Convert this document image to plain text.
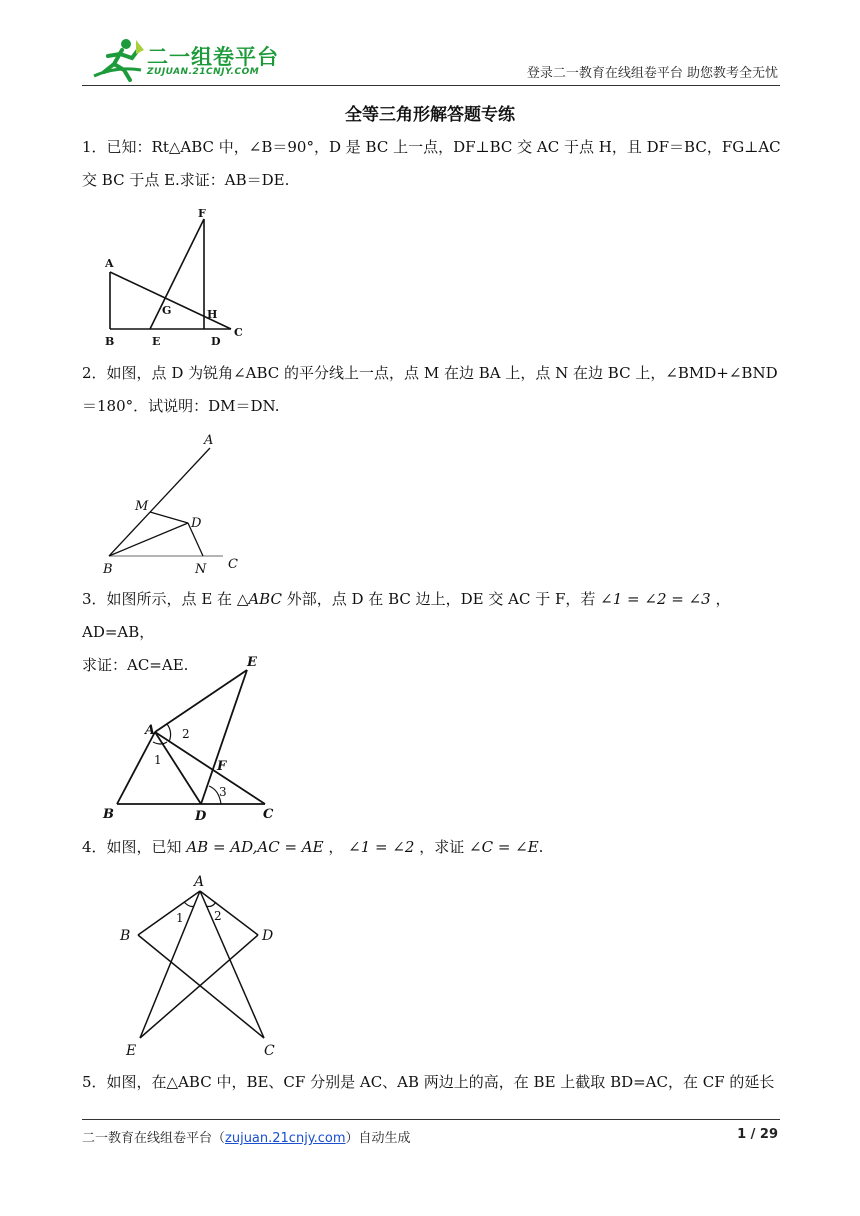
二一组卷平台
ZUJUAN.21CNJY.COM	登录二一教育在线组卷平台 助您教考全无忧
全等三角形解答题专练
1．已知：Rt△ABC 中，∠B＝90°，D 是 BC 上一点，DF⊥BC 交 AC 于点 H，且 DF＝BC，FG⊥AC
交 BC 于点 E.求证：AB＝DE.
A
B
C
D
E
F
G	H
2．如图，点 D 为锐角∠ABC 的平分线上一点，点 M 在边 BA 上，点 N 在边 BC 上，∠BMD+∠BND
＝180°．试说明：DM＝DN.
A
B	C
D
M
N
3．如图所示，点 E 在 △ABC 外部，点 D 在 BC 边上，DE 交 AC 于 F，若 ∠1 = ∠2 = ∠3 ，AD=AB，
求证：AC=AE.
A
B	C
D
E
F
1
2
3
4．如图，已知 AB = AD,AC = AE ， ∠1 = ∠2 ，求证 ∠C = ∠E.
A
B
C
D
E
1	2
5．如图，在△ABC 中，BE、CF 分别是 AC、AB 两边上的高，在 BE 上截取 BD=AC，在 CF 的延长
二一教育在线组卷平台（zujuan.21cnjy.com）自动生成	1 / 29
